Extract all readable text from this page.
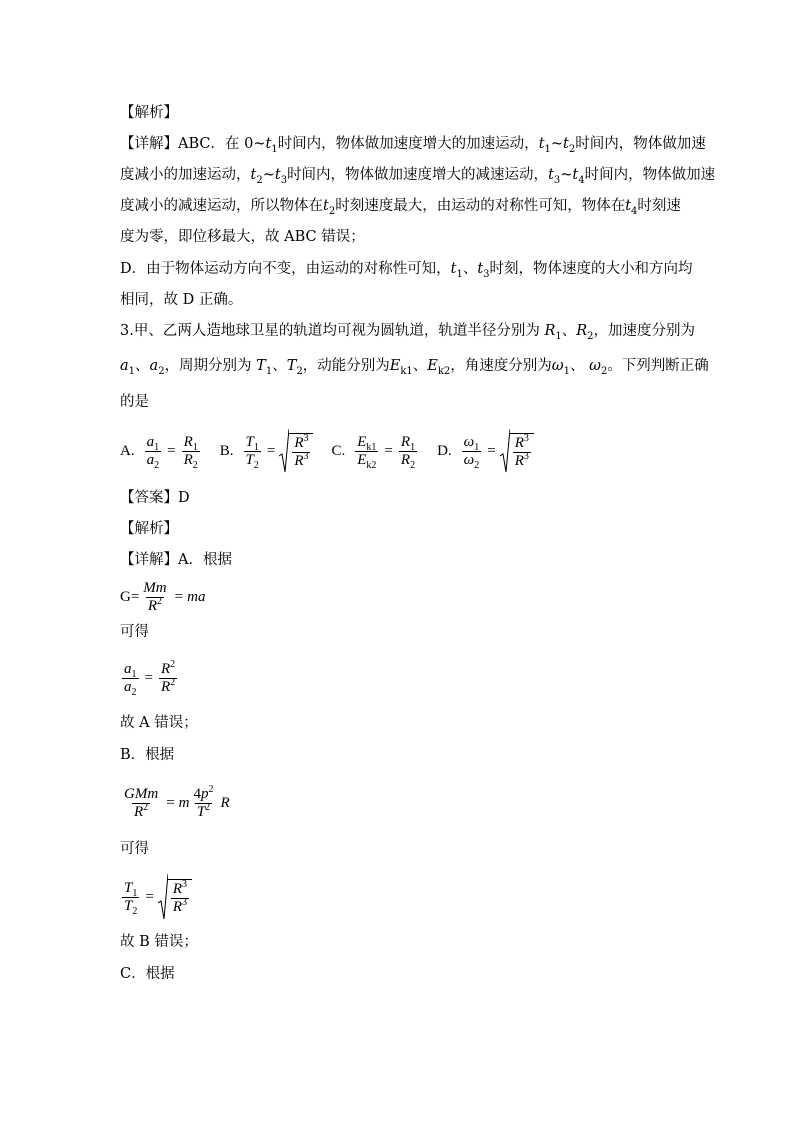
【解析】
【详解】ABC．在 $0\sim t_1$时间内，物体做加速度增大的加速运动，$t_1\sim t_2$时间内，物体做加速
度减小的加速运动，$t_2\sim t_3$时间内，物体做加速度增大的减速运动，$t_3\sim t_4$时间内，物体做加速
度减小的减速运动，所以物体在$t_2$时刻速度最大，由运动的对称性可知，物体在$t_4$时刻速
度为零，即位移最大，故 ABC 错误；
D．由于物体运动方向不变，由运动的对称性可知，$t_1$、$t_3$时刻，物体速度的大小和方向均
相同，故 D 正确。
3.甲、乙两人造地球卫星的轨道均可视为圆轨道，轨道半径分别为 $R_1$、$R_2$，加速度分别为
$a_1$、$a_2$，周期分别为 $T_1$、$T_2$，动能分别为$E_{k1}$、$E_{k2}$，角速度分别为$\omega_1$、 $\omega_2$。下列判断正确
的是
A. $\frac{a_1}{a_2} = \frac{R_1}{R_2} B$. $\frac{T_1}{T_2} = \frac{R^3}{R^3} C$. $\frac{E_{k1}}{E_{k2}} = \frac{R_1}{R_2} D$. $\frac{\omega_1}{\omega_2} = \frac{R^3}{R^3}$
【答案】D
【解析】
【详解】A．根据
$G= \frac{Mm}{R^2} = m$ a
可得
$\frac{a_1}{a_2} = \frac{R^2}{R^2}$
故 A 错误；
B．根据
$\frac{\text{GMm}}{R^2} = m \frac{4p^2}{T^2}$ R
可得
$\frac{T_1}{T_2} = \frac{R^3}{R^3}$
故 B 错误；
C．根据
